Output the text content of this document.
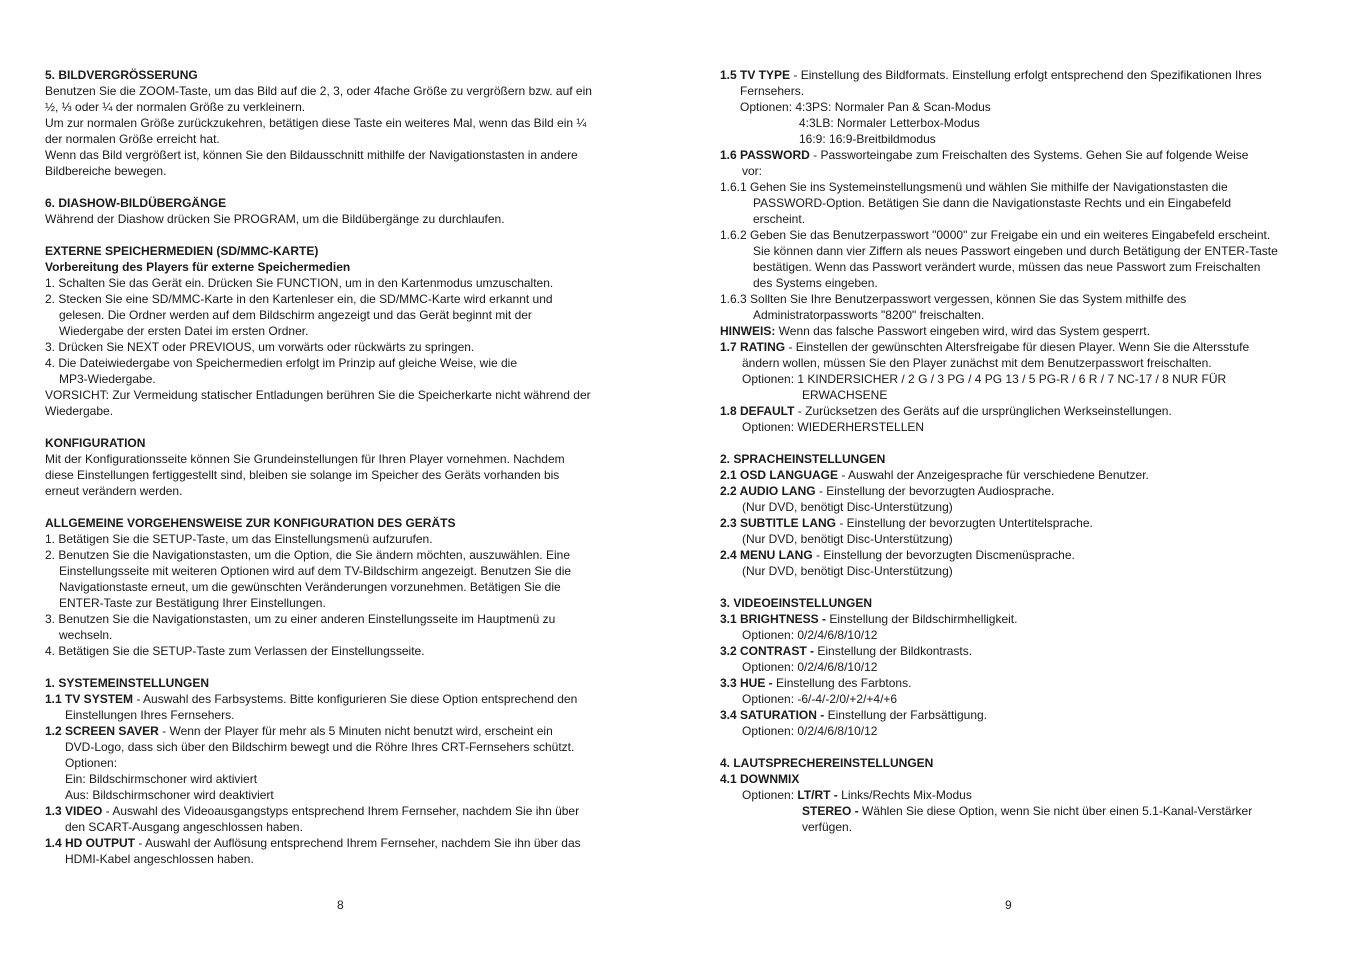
5. BILDVERGRÖSSERUNG
Benutzen Sie die ZOOM-Taste, um das Bild auf die 2, 3, oder 4fache Größe zu vergrößern bzw. auf ein
½, ⅓ oder ¼ der normalen Größe zu verkleinern.
Um zur normalen Größe zurückzukehren, betätigen diese Taste ein weiteres Mal, wenn das Bild ein ¼
der normalen Größe erreicht hat.
Wenn das Bild vergrößert ist, können Sie den Bildausschnitt mithilfe der Navigationstasten in andere
Bildbereiche bewegen.
6. DIASHOW-BILDÜBERGÄNGE
Während der Diashow drücken Sie PROGRAM, um die Bildübergänge zu durchlaufen.
EXTERNE SPEICHERMEDIEN (SD/MMC-KARTE)
Vorbereitung des Players für externe Speichermedien
1. Schalten Sie das Gerät ein. Drücken Sie FUNCTION, um in den Kartenmodus umzuschalten.
2. Stecken Sie eine SD/MMC-Karte in den Kartenleser ein, die SD/MMC-Karte wird erkannt und
gelesen. Die Ordner werden auf dem Bildschirm angezeigt und das Gerät beginnt mit der
Wiedergabe der ersten Datei im ersten Ordner.
3. Drücken Sie NEXT oder PREVIOUS, um vorwärts oder rückwärts zu springen.
4. Die Dateiwiedergabe von Speichermedien erfolgt im Prinzip auf gleiche Weise, wie die
MP3-Wiedergabe.
VORSICHT: Zur Vermeidung statischer Entladungen berühren Sie die Speicherkarte nicht während der
Wiedergabe.
KONFIGURATION
Mit der Konfigurationsseite können Sie Grundeinstellungen für Ihren Player vornehmen. Nachdem
diese Einstellungen fertiggestellt sind, bleiben sie solange im Speicher des Geräts vorhanden bis
erneut verändern werden.
ALLGEMEINE VORGEHENSWEISE ZUR KONFIGURATION DES GERÄTS
1. Betätigen Sie die SETUP-Taste, um das Einstellungsmenü aufzurufen.
2. Benutzen Sie die Navigationstasten, um die Option, die Sie ändern möchten, auszuwählen. Eine
Einstellungsseite mit weiteren Optionen wird auf dem TV-Bildschirm angezeigt. Benutzen Sie die
Navigationstaste erneut, um die gewünschten Veränderungen vorzunehmen. Betätigen Sie die
ENTER-Taste zur Bestätigung Ihrer Einstellungen.
3. Benutzen Sie die Navigationstasten, um zu einer anderen Einstellungsseite im Hauptmenü zu
wechseln.
4. Betätigen Sie die SETUP-Taste zum Verlassen der Einstellungsseite.
1. SYSTEMEINSTELLUNGEN
1.1 TV SYSTEM - Auswahl des Farbsystems. Bitte konfigurieren Sie diese Option entsprechend den
Einstellungen Ihres Fernsehers.
1.2 SCREEN SAVER - Wenn der Player für mehr als 5 Minuten nicht benutzt wird, erscheint ein
DVD-Logo, dass sich über den Bildschirm bewegt und die Röhre Ihres CRT-Fernsehers schützt.
Optionen:
Ein: Bildschirmschoner wird aktiviert
Aus: Bildschirmschoner wird deaktiviert
1.3 VIDEO - Auswahl des Videoausgangstyps entsprechend Ihrem Fernseher, nachdem Sie ihn über
den SCART-Ausgang angeschlossen haben.
1.4 HD OUTPUT - Auswahl der Auflösung entsprechend Ihrem Fernseher, nachdem Sie ihn über das
HDMI-Kabel angeschlossen haben.
1.5 TV TYPE - Einstellung des Bildformats. Einstellung erfolgt entsprechend den Spezifikationen Ihres
Fernsehers.
Optionen: 4:3PS: Normaler Pan & Scan-Modus
4:3LB: Normaler Letterbox-Modus
16:9: 16:9-Breitbildmodus
1.6 PASSWORD - Passworteingabe zum Freischalten des Systems. Gehen Sie auf folgende Weise
vor:
1.6.1 Gehen Sie ins Systemeinstellungsmenü und wählen Sie mithilfe der Navigationstasten die
PASSWORD-Option. Betätigen Sie dann die Navigationstaste Rechts und ein Eingabefeld
erscheint.
1.6.2 Geben Sie das Benutzerpasswort "0000" zur Freigabe ein und ein weiteres Eingabefeld erscheint.
Sie können dann vier Ziffern als neues Passwort eingeben und durch Betätigung der ENTER-Taste
bestätigen. Wenn das Passwort verändert wurde, müssen das neue Passwort zum Freischalten
des Systems eingeben.
1.6.3 Sollten Sie Ihre Benutzerpasswort vergessen, können Sie das System mithilfe des
Administratorpassworts "8200" freischalten.
HINWEIS: Wenn das falsche Passwort eingeben wird, wird das System gesperrt.
1.7 RATING - Einstellen der gewünschten Altersfreigabe für diesen Player. Wenn Sie die Altersstufe
ändern wollen, müssen Sie den Player zunächst mit dem Benutzerpasswort freischalten.
Optionen: 1 KINDERSICHER / 2 G / 3 PG / 4 PG 13 / 5 PG-R / 6 R / 7 NC-17 / 8 NUR FÜR
ERWACHSENE
1.8 DEFAULT - Zurücksetzen des Geräts auf die ursprünglichen Werkseinstellungen.
Optionen: WIEDERHERSTELLEN
2. SPRACHEINSTELLUNGEN
2.1 OSD LANGUAGE - Auswahl der Anzeigesprache für verschiedene Benutzer.
2.2 AUDIO LANG - Einstellung der bevorzugten Audiosprache.
(Nur DVD, benötigt Disc-Unterstützung)
2.3 SUBTITLE LANG - Einstellung der bevorzugten Untertitelsprache.
(Nur DVD, benötigt Disc-Unterstützung)
2.4 MENU LANG - Einstellung der bevorzugten Discmenüsprache.
(Nur DVD, benötigt Disc-Unterstützung)
3. VIDEOEINSTELLUNGEN
3.1 BRIGHTNESS - Einstellung der Bildschirmhelligkeit.
Optionen: 0/2/4/6/8/10/12
3.2 CONTRAST - Einstellung der Bildkontrasts.
Optionen: 0/2/4/6/8/10/12
3.3 HUE - Einstellung des Farbtons.
Optionen: -6/-4/-2/0/+2/+4/+6
3.4 SATURATION - Einstellung der Farbsättigung.
Optionen: 0/2/4/6/8/10/12
4. LAUTSPRECHEREINSTELLUNGEN
4.1 DOWNMIX
Optionen: LT/RT - Links/Rechts Mix-Modus
STEREO - Wählen Sie diese Option, wenn Sie nicht über einen 5.1-Kanal-Verstärker
verfügen.
8	9
